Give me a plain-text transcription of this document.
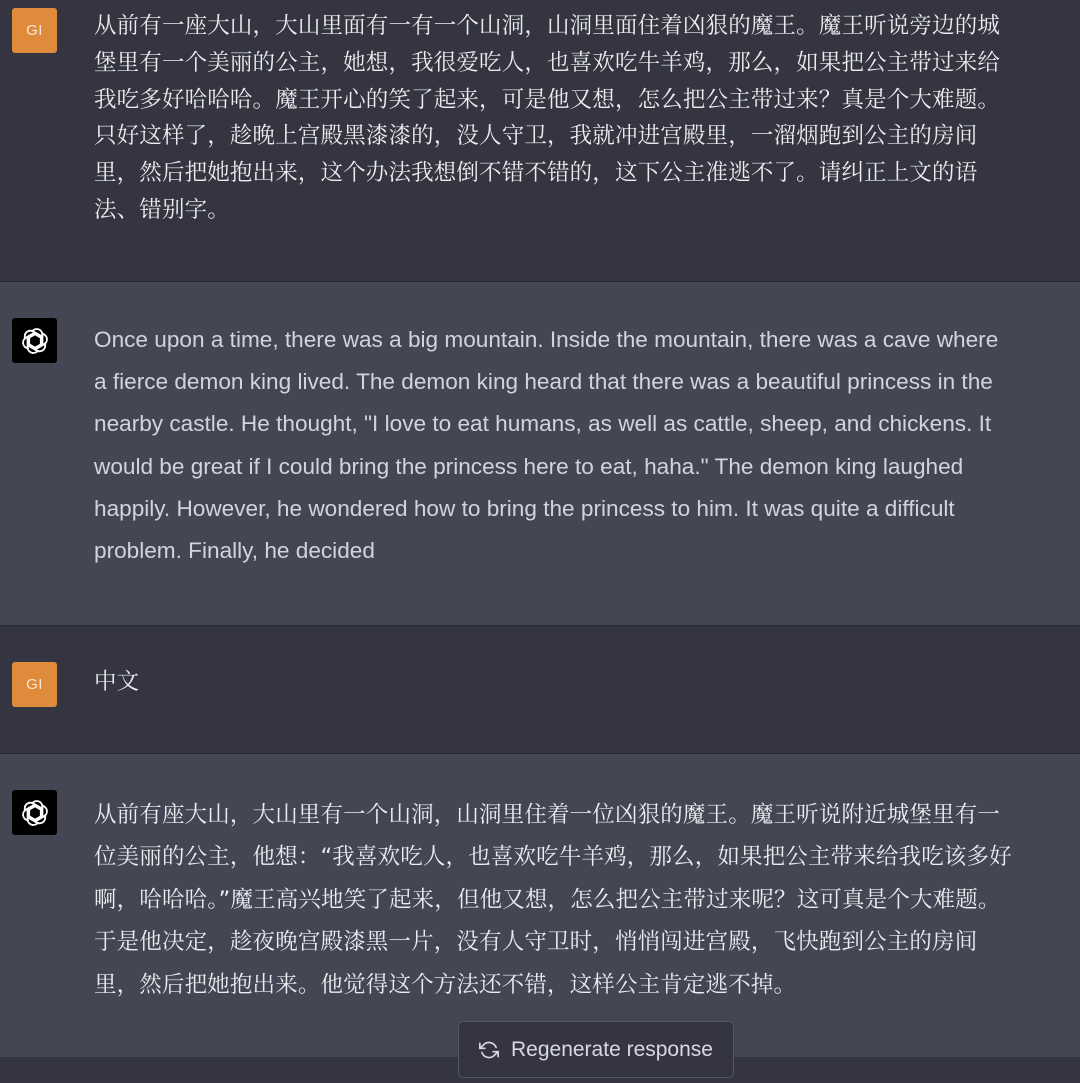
GI 从前有一座大山，大山里面有一有一个山洞，山洞里面住着凶狠的魔王。魔王听说旁边的城
堡里有一个美丽的公主，她想，我很爱吃人，也喜欢吃牛羊鸡，那么，如果把公主带过来给
我吃多好哈哈哈。魔王开心的笑了起来，可是他又想，怎么把公主带过来？真是个大难题。
只好这样了，趁晚上宫殿黑漆漆的，没人守卫，我就冲进宫殿里，一溜烟跑到公主的房间
里，然后把她抱出来，这个办法我想倒不错不错的，这下公主准逃不了。请纠正上文的语
法、错别字。
Once upon a time, there was a big mountain. Inside the mountain, there was a cave where
a fierce demon king lived. The demon king heard that there was a beautiful princess in the
nearby castle. He thought, "I love to eat humans, as well as cattle, sheep, and chickens. It
would be great if I could bring the princess here to eat, haha." The demon king laughed
happily. However, he wondered how to bring the princess to him. It was quite a difficult
problem. Finally, he decided
GI 中文
从前有座大山，大山里有一个山洞，山洞里住着一位凶狠的魔王。魔王听说附近城堡里有一
位美丽的公主，他想：“我喜欢吃人，也喜欢吃牛羊鸡，那么，如果把公主带来给我吃该多好
啊，哈哈哈。”魔王高兴地笑了起来，但他又想，怎么把公主带过来呢？这可真是个大难题。
于是他决定，趁夜晚宫殿漆黑一片，没有人守卫时，悄悄闯进宫殿，飞快跑到公主的房间
里，然后把她抱出来。他觉得这个方法还不错，这样公主肯定逃不掉。
Regenerate response
